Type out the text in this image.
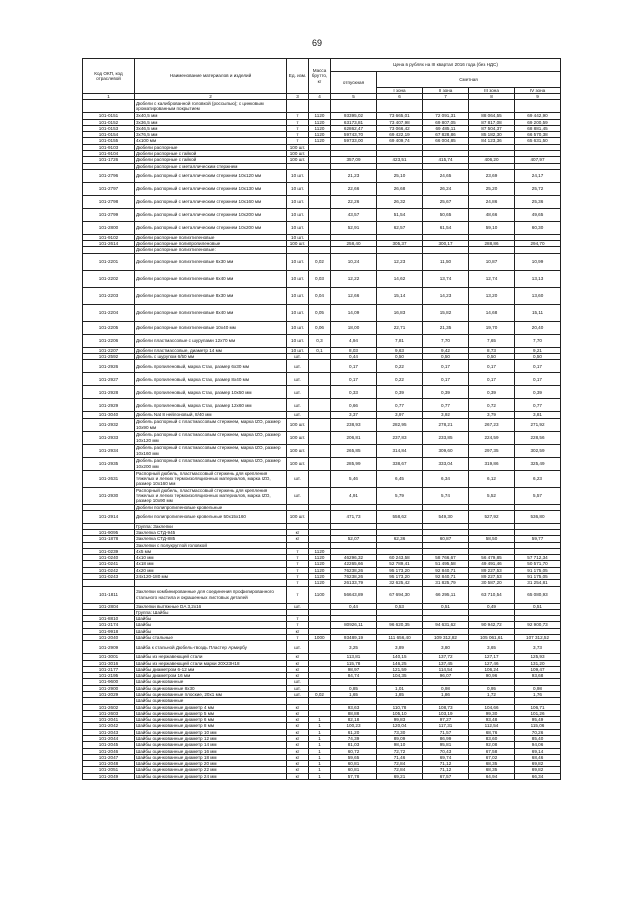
69
Код ОКП, код отраслевой	Наименование материалов и изделий	Ед. изм.	Масса брутто, кг	Цена в рублях на III квартал 2016 года (без НДС)				
				отпускная	Сметная			
					I зона	II зона	III зона	IV зона
1	2	3	4	5	6	7	8	9
	Дюбели с калиброванной головкой (россыпью); с цинковым хроматированным покрытием							
101-0151	3х40,5 мм	т	1120	93395,02	73 665,01	72 091,31	88 064,55	69 442,90
101-0152	3х36,5 мм	т	1120	63173,81	73 407,98	69 807,05	87 817,08	69 200,59
101-0153	3х46,5 мм	т	1120	62862,47	73 066,42	69 485,11	87 504,37	68 881,45
101-0154	3х76,5 мм	т	1120	59743,70	69 422,19	67 828,86	85 182,30	66 570,38
101-0155	4х100 мм	т	1120	59733,00	69 409,74	66 004,85	84 123,36	65 631,50
101-9103	Дюбели распорные	100 шт.						
101-9104	Дюбели распорные с гайкой	100 шт.						
101-1726	Дюбели распорные с гайкой	100 шт.		357,09	423,51	415,74	406,20	407,97
	Дюбели распорные с металлическим стержнем							
101-2796	Дюбель распорный с металлическим стержнем 10х120 мм	10 шт.		21,23	25,10	24,65	23,69	24,17
101-2797	Дюбель распорный с металлическим стержнем 10х130 мм	10 шт.		22,66	26,68	26,24	25,20	25,72
101-2798	Дюбель распорный с металлическим стержнем 10х160 мм	10 шт.		22,26	26,32	25,67	24,86	25,36
101-2799	Дюбель распорный с металлическим стержнем 10х200 мм	10 шт.		43,57	51,54	50,65	48,66	49,65
101-2800	Дюбель распорный с металлическим стержнем 10х200 мм	10 шт.		52,91	62,57	61,54	59,10	60,30
101-9102	Дюбели распорные полиэтиленовые	10 шт.						
101-2614	Дюбели распорные полипропиленовые	100 шт.		258,40	305,37	300,17	288,86	294,70
	Дюбели распорные полиэтиленовые:							
101-2201	Дюбели распорные полиэтиленовые 6х30 мм	10 шт.	0,02	10,24	12,23	11,50	10,87	10,99
101-2202	Дюбели распорные полиэтиленовые 6х40 мм	10 шт.	0,03	12,22	14,62	13,74	12,74	13,13
101-2203	Дюбели распорные полиэтиленовые 8х30 мм	10 шт.	0,04	12,66	15,14	14,23	13,20	13,60
101-2204	Дюбели распорные полиэтиленовые 8х40 мм	10 шт.	0,05	14,09	16,83	15,82	14,68	15,11
101-2205	Дюбели распорные полиэтиленовые 10х40 мм	10 шт.	0,06	18,00	22,71	21,35	19,70	20,40
101-2206	Дюбели пластмассовые с шурупами 12х70 мм	10 шт.	0,3	4,94	7,81	7,70	7,65	7,70
101-2207	Дюбели пластмассовые, диаметр 14 мм	10 шт.	0,1	8,03	9,63	9,42	8,73	9,21
101-2592	Дюбель с шурупом 6/50 мм	шт.		0,44	0,50	0,50	0,50	0,50
101-2926	Дюбель пропиленовый, марка Стах, размер 6х30 мм	шт.		0,17	0,22	0,17	0,17	0,17
101-2927	Дюбель пропиленовый, марка Стах, размер 8х40 мм	шт.		0,17	0,22	0,17	0,17	0,17
101-2928	Дюбель пропиленовый, марка Стах, размер 10х50 мм	шт.		0,33	0,39	0,39	0,39	0,39
101-2929	Дюбель пропиленовый, марка Стах, размер 12х60 мм	шт.		0,66	0,77	0,77	0,72	0,77
101-3040	Дюбель Nat 8 нейлоновый, 8/40 мм	шт.		3,37	3,97	3,92	3,79	3,81
101-2932	Дюбель распорный с пластмассовым стержнем, марка IZO, размер 10х90 мм	100 шт.		238,93	282,95	278,21	267,23	271,92
101-2933	Дюбель распорный с пластмассовым стержнем, марка IZO, размер 10х120 мм	100 шт.		206,81	237,83	233,85	224,59	228,56
101-2934	Дюбель распорный с пластмассовым стержнем, марка IZO, размер 10х160 мм	100 шт.		265,85	314,84	309,60	297,35	302,59
101-2935	Дюбель распорный с пластмассовым стержнем, марка IZO, размер 10х200 мм	100 шт.		285,99	338,67	333,04	319,86	325,49
101-2631	Распорный дюбель, пластмассовый стержень для крепления тяжелых и легких термоизоляционных материалов, марка IZO, размер 10х160 мм	шт.		5,46	6,45	6,34	6,12	6,23
101-2930	Распорный дюбель, пластмассовый стержень для крепления тяжелых и легких термоизоляционных материалов, марка IZO, размер 10х90 мм	шт.		4,91	5,79	5,74	5,52	5,57
	Дюбели полипропиленовые кровельные							
101-2914	Дюбели полипропиленовые кровельные 50х15х160	100 шт.		471,73	558,62	549,30	527,92	536,80
	Группа: Заклепки							
101-9095	Заклепка СТД-945	кг						
101-1878	Заклепка СТД-885	кг		52,07	62,36	60,87	58,50	59,77
	Заклепки с полукруглой головкой							
101-0239	4х5 мм	т	1120					
101-0240	4х10 мм	т	1120	46296,32	60 243,58	58 766,67	56 479,85	57 712,34
101-0241	4х18 мм	т	1120	42265,66	52 789,41	51 495,58	49 491,46	50 571,70
101-0242	4х20 мм	т	1120	76238,26	95 173,20	92 840,71	89 227,53	91 175,05
101-0243	24х120-180 мм	т	1120	76238,26	95 173,20	92 840,71	89 227,53	91 175,05
		т	1120	26133,79	32 625,42	31 825,79	30 587,20	31 254,81
101-1811	Заклепки комбинированные для соединения профилированного стального настила и окрашенных листовых деталей	т	1100	56643,89	67 694,30	66 295,11	63 710,54	65 080,93
101-2804	Заклепки вытяжные DA 3,2х16	шт.		0,44	0,53	0,51	0,49	0,51
	Группа: Шайбы							
101-8810	Шайбы	т						
101-2174	Шайбы	т		80926,11	96 620,35	94 631,62	90 942,72	92 900,73
101-9918	Шайбы	кг						
101-2040	Шайбы стальные	т	1000	93489,19	111 656,40	109 312,82	105 061,61	107 312,52
101-2909	Шайба к стальной Дюбель-гвоздь Пластер Армирбу	шт.		3,25	3,89	3,80	3,65	3,73
101-3001	Шайбы из нержавеющей стали	кг		113,81	140,15	137,72	127,17	125,93
101-3016	Шайбы из нержавеющей стали марки 20Х23Н18	кг		115,78	146,25	137,45	127,46	131,20
101-2177	Шайбы диаметром 6-12 мм	кг		98,97	121,59	114,54	106,24	109,47
101-2195	Шайбы диаметром 16 мм	кг		84,74	104,35	96,07	90,96	93,68
101-9600	Шайбы оцинкованные	шт.						
101-2900	Шайбы оцинкованные 8х30	шт.		0,85	1,01	0,98	0,95	0,98
101-2029	Шайбы оцинкованные плоские, 20х1 мм	шт.	0,02	1,65	1,85	1,86	1,72	1,76
	Шайбы оцинкованные							
101-2602	Шайбы оцинкованные диаметр 4 мм	кг		93,63	110,78	108,73	104,66	106,71
101-2603	Шайбы оцинкованные диаметр 5 мм	кг		88,88	105,10	103,19	99,30	101,26
101-2041	Шайбы оцинкованные диаметр 6 мм	кг	1	82,18	99,83	97,27	93,48	95,49
101-2042	Шайбы оцинкованные диаметр 8 мм	кг	1	100,23	120,04	117,31	112,54	115,06
101-2043	Шайбы оцинкованные диаметр 10 мм	кг	1	61,20	73,30	71,57	68,76	70,26
101-2044	Шайбы оцинкованные диаметр 12 мм	кг	1	74,39	89,09	86,99	83,60	85,40
101-2045	Шайбы оцинкованные диаметр 14 мм	кг	1	81,03	98,10	95,81	92,08	94,06
101-2046	Шайбы оцинкованные диаметр 16 мм	кг	1	60,72	72,72	70,43	67,58	69,14
101-2047	Шайбы оцинкованные диаметр 18 мм	кг	1	59,65	71,46	69,74	67,02	68,46
101-2048	Шайбы оцинкованные диаметр 20 мм	кг	1	60,81	72,84	71,12	68,35	69,82
101-2051	Шайбы оцинкованные диаметр 22 мм	кг	1	60,81	72,84	71,12	68,35	69,82
101-2049	Шайбы оцинкованные диаметр 24 мм	кг	1	57,78	69,21	67,57	64,94	66,34
